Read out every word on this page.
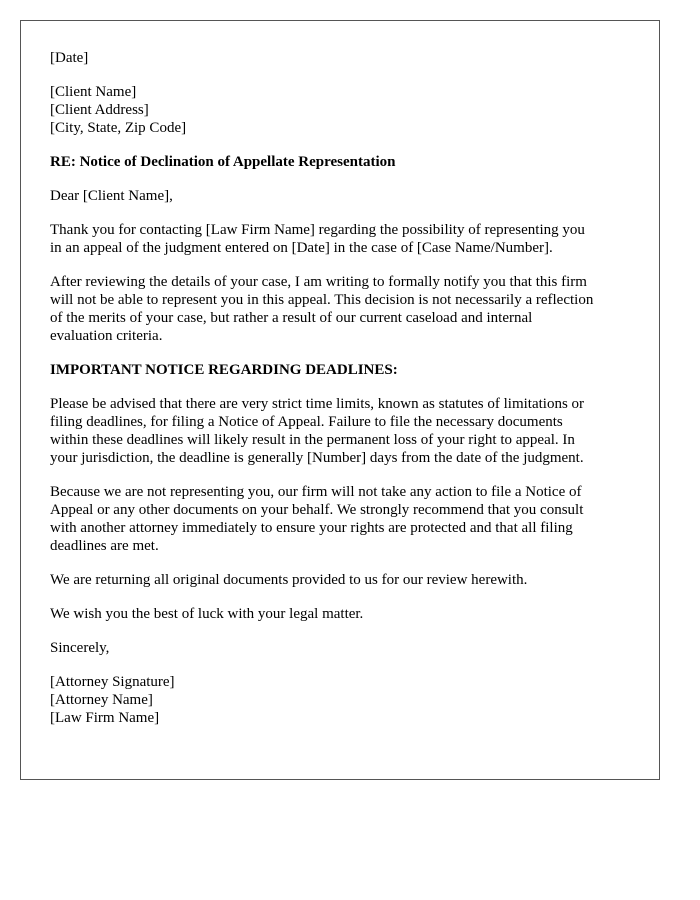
[Date]
[Client Name]
[Client Address]
[City, State, Zip Code]
RE: Notice of Declination of Appellate Representation
Dear [Client Name],
Thank you for contacting [Law Firm Name] regarding the possibility of representing you
in an appeal of the judgment entered on [Date] in the case of [Case Name/Number].
After reviewing the details of your case, I am writing to formally notify you that this firm
will not be able to represent you in this appeal. This decision is not necessarily a reflection
of the merits of your case, but rather a result of our current caseload and internal
evaluation criteria.
IMPORTANT NOTICE REGARDING DEADLINES:
Please be advised that there are very strict time limits, known as statutes of limitations or
filing deadlines, for filing a Notice of Appeal. Failure to file the necessary documents
within these deadlines will likely result in the permanent loss of your right to appeal. In
your jurisdiction, the deadline is generally [Number] days from the date of the judgment.
Because we are not representing you, our firm will not take any action to file a Notice of
Appeal or any other documents on your behalf. We strongly recommend that you consult
with another attorney immediately to ensure your rights are protected and that all filing
deadlines are met.
We are returning all original documents provided to us for our review herewith.
We wish you the best of luck with your legal matter.
Sincerely,
[Attorney Signature]
[Attorney Name]
[Law Firm Name]
